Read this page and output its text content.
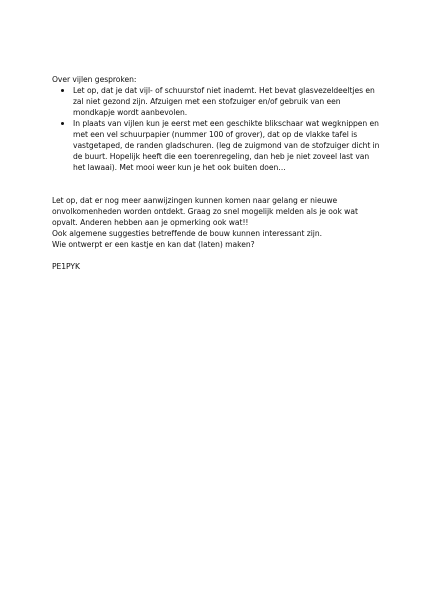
Over vijlen gesproken:

Let op, dat je dat vijl- of schuurstof niet inademt. Het bevat glasvezeldeeltjes en zal niet gezond zijn. Afzuigen met een stofzuiger en/of gebruik van een mondkapje wordt aanbevolen.
In plaats van vijlen kun je eerst met een geschikte blikschaar wat wegknippen en met een vel schuurpapier (nummer 100 of grover), dat op de vlakke tafel is vastgetaped, de randen gladschuren. (leg de zuigmond van de stofzuiger dicht in de buurt. Hopelijk heeft die een toerenregeling, dan heb je niet zoveel last van het lawaai). Met mooi weer kun je het ook buiten doen…

Let op, dat er nog meer aanwijzingen kunnen komen naar gelang er nieuwe onvolkomenheden worden ontdekt. Graag zo snel mogelijk melden als je ook wat opvalt. Anderen hebben aan je opmerking ook wat!!

Ook algemene suggesties betreffende de bouw kunnen interessant zijn.

Wie ontwerpt er een kastje en kan dat (laten) maken?

PE1PYK
